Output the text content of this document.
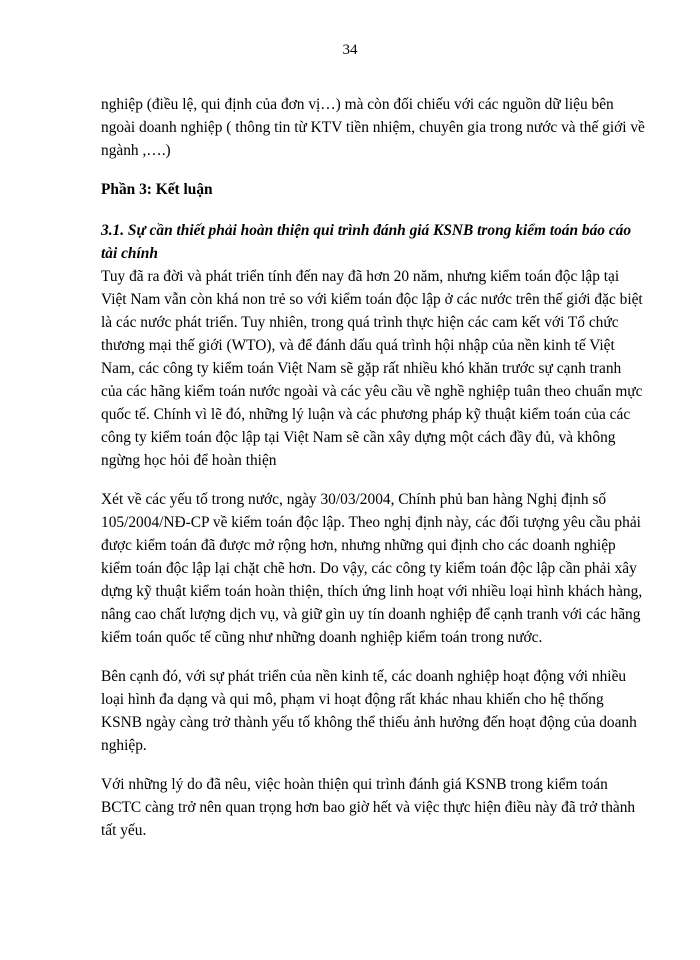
34

nghiệp (điều lệ, qui định của đơn vị…) mà còn đối chiếu với các nguồn dữ liệu bên ngoài doanh nghiệp ( thông tin từ KTV tiền nhiệm, chuyên gia trong nước và thế giới về ngành ,….)

Phần 3: Kết luận

3.1. Sự cần thiết phải hoàn thiện qui trình đánh giá KSNB trong kiểm toán báo cáo tài chính

Tuy đã ra đời và phát triển tính đến nay đã hơn 20 năm, nhưng kiểm toán độc lập tại Việt Nam vẫn còn khá non trẻ so với kiểm toán độc lập ở các nước trên thế giới đặc biệt là các nước phát triển. Tuy nhiên, trong quá trình thực hiện các cam kết với Tổ chức thương mại thế giới (WTO), và để đánh dấu quá trình hội nhập của nền kinh tế Việt Nam, các công ty kiểm toán Việt Nam sẽ gặp rất nhiều khó khăn trước sự cạnh tranh của các hãng kiểm toán nước ngoài và các yêu cầu về nghề nghiệp tuân theo chuẩn mực quốc tế. Chính vì lẽ đó, những lý luận và các phương pháp kỹ thuật kiểm toán của các công ty kiểm toán độc lập tại Việt Nam sẽ cần xây dựng một cách đầy đủ, và không ngừng học hỏi để hoàn thiện

Xét về các yếu tố trong nước, ngày 30/03/2004, Chính phủ ban hàng Nghị định số 105/2004/NĐ-CP về kiểm toán độc lập. Theo nghị định này, các đối tượng yêu cầu phải được kiểm toán đã được mở rộng hơn, nhưng những qui định cho các doanh nghiệp kiểm toán độc lập lại chặt chẽ hơn. Do vậy, các công ty kiểm toán độc lập cần phải xây dựng kỹ thuật kiểm toán hoàn thiện, thích ứng linh hoạt với nhiều loại hình khách hàng, nâng cao chất lượng dịch vụ, và giữ gìn uy tín doanh nghiệp để cạnh tranh với các hãng kiểm toán quốc tế cũng như những doanh nghiệp kiểm toán trong nước.

Bên cạnh đó, với sự phát triển của nền kinh tế, các doanh nghiệp hoạt động với nhiều loại hình đa dạng và qui mô, phạm vi hoạt động rất khác nhau khiến cho hệ thống KSNB ngày càng trở thành yếu tố không thể thiếu ảnh hưởng đến hoạt động của doanh nghiệp.

Với những lý do đã nêu, việc hoàn thiện qui trình đánh giá KSNB trong kiểm toán BCTC càng trở nên quan trọng hơn bao giờ hết và việc thực hiện điều này đã trở thành tất yếu.
